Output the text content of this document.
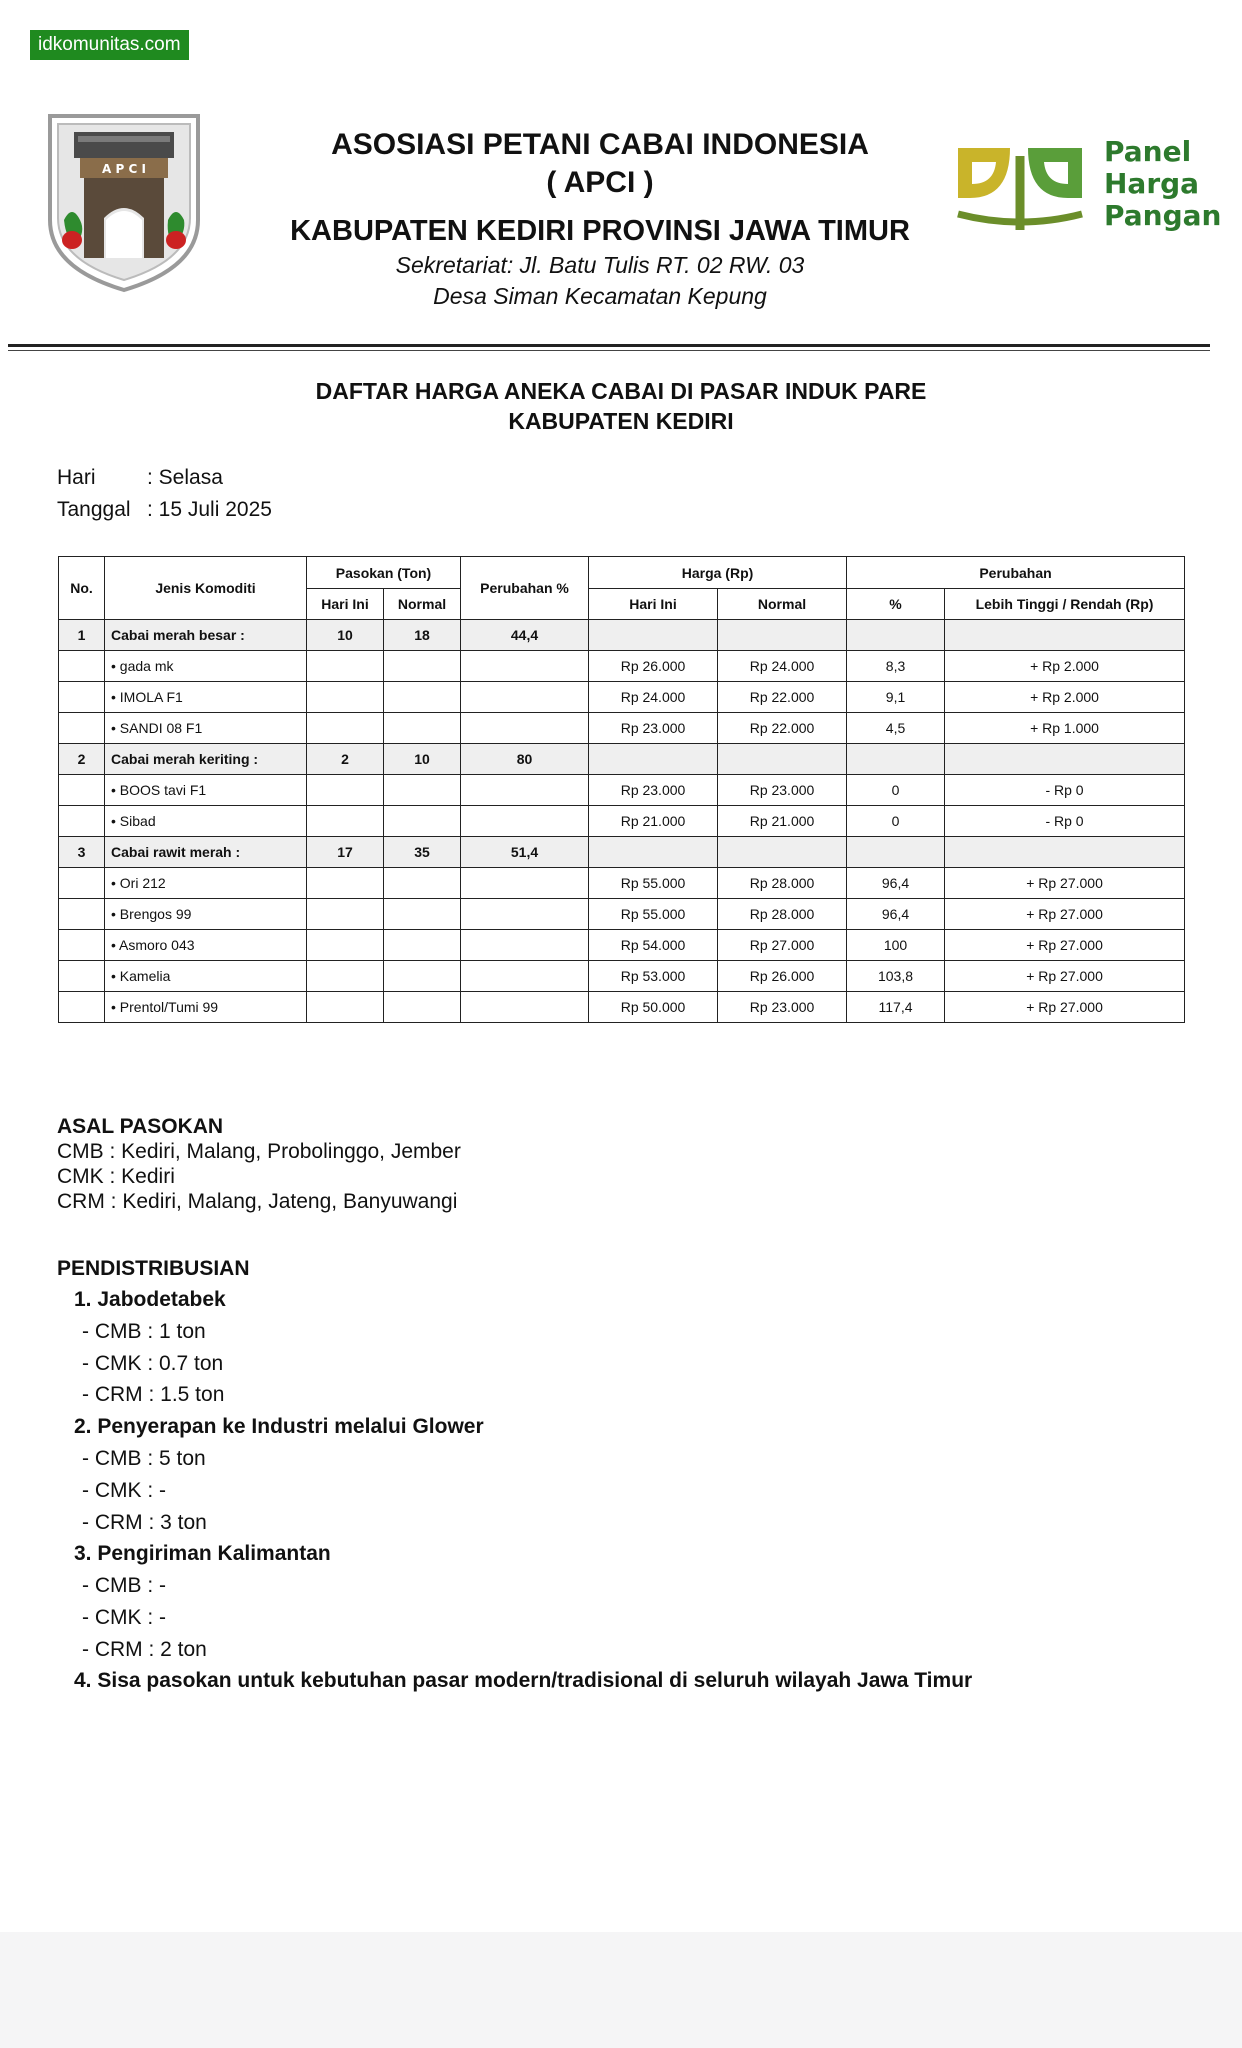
idkomunitas.com
A P C I
ASOSIASI PETANI CABAI INDONESIA
( APCI )
KABUPATEN KEDIRI PROVINSI JAWA TIMUR
Sekretariat: Jl. Batu Tulis RT. 02 RW. 03
Desa Siman Kecamatan Kepung
Panel
Harga
Pangan
DAFTAR HARGA ANEKA CABAI DI PASAR INDUK PARE
KABUPATEN KEDIRI
Hari : Selasa
Tanggal : 15 Juli 2025
No.	Jenis Komoditi	Pasokan (Ton)		Perubahan %	Harga (Rp)		Perubahan	
		Hari Ini	Normal		Hari Ini	Normal	%	Lebih Tinggi / Rendah (Rp)
1	Cabai merah besar :	10	18	44,4				
	• gada mk				Rp 26.000	Rp 24.000	8,3	+ Rp 2.000
	• IMOLA F1				Rp 24.000	Rp 22.000	9,1	+ Rp 2.000
	• SANDI 08 F1				Rp 23.000	Rp 22.000	4,5	+ Rp 1.000
2	Cabai merah keriting :	2	10	80				
	• BOOS tavi F1				Rp 23.000	Rp 23.000	0	- Rp 0
	• Sibad				Rp 21.000	Rp 21.000	0	- Rp 0
3	Cabai rawit merah :	17	35	51,4				
	• Ori 212				Rp 55.000	Rp 28.000	96,4	+ Rp 27.000
	• Brengos 99				Rp 55.000	Rp 28.000	96,4	+ Rp 27.000
	• Asmoro 043				Rp 54.000	Rp 27.000	100	+ Rp 27.000
	• Kamelia				Rp 53.000	Rp 26.000	103,8	+ Rp 27.000
	• Prentol/Tumi 99				Rp 50.000	Rp 23.000	117,4	+ Rp 27.000
ASAL PASOKAN
CMB : Kediri, Malang, Probolinggo, Jember
CMK : Kediri
CRM : Kediri, Malang, Jateng, Banyuwangi
PENDISTRIBUSIAN
1. Jabodetabek
- CMB : 1 ton
- CMK : 0.7 ton
- CRM : 1.5 ton
2. Penyerapan ke Industri melalui Glower
- CMB : 5 ton
- CMK : -
- CRM : 3 ton
3. Pengiriman Kalimantan
- CMB : -
- CMK : -
- CRM : 2 ton
4. Sisa pasokan untuk kebutuhan pasar modern/tradisional di seluruh wilayah Jawa Timur
